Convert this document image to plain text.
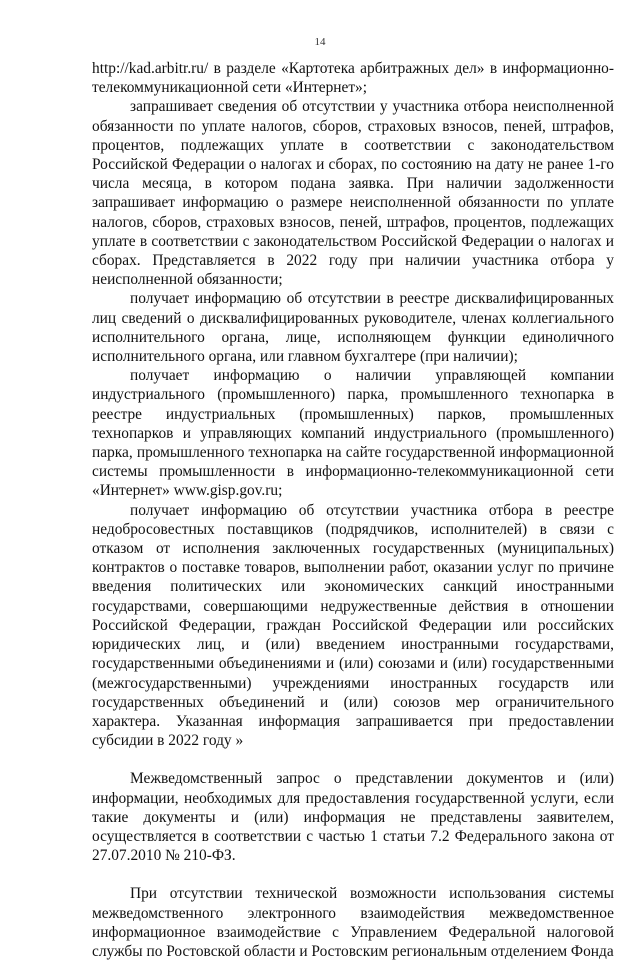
14

http://kad.arbitr.ru/ в разделе «Картотека арбитражных дел» в информационно-телекоммуникационной сети «Интернет»;

запрашивает сведения об отсутствии у участника отбора неисполненной обязанности по уплате налогов, сборов, страховых взносов, пеней, штрафов, процентов, подлежащих уплате в соответствии с законодательством Российской Федерации о налогах и сборах, по состоянию на дату не ранее 1-го числа месяца, в котором подана заявка. При наличии задолженности запрашивает информацию о размере неисполненной обязанности по уплате налогов, сборов, страховых взносов, пеней, штрафов, процентов, подлежащих уплате в соответствии с законодательством Российской Федерации о налогах и сборах. Представляется в 2022 году при наличии участника отбора у неисполненной обязанности;

получает информацию об отсутствии в реестре дисквалифицированных лиц сведений о дисквалифицированных руководителе, членах коллегиального исполнительного органа, лице, исполняющем функции единоличного исполнительного органа, или главном бухгалтере (при наличии);

получает информацию о наличии управляющей компании индустриального (промышленного) парка, промышленного технопарка в реестре индустриальных (промышленных) парков, промышленных технопарков и управляющих компаний индустриального (промышленного) парка, промышленного технопарка на сайте государственной информационной системы промышленности в информационно-телекоммуникационной сети «Интернет» www.gisp.gov.ru;

получает информацию об отсутствии участника отбора в реестре недобросовестных поставщиков (подрядчиков, исполнителей) в связи с отказом от исполнения заключенных государственных (муниципальных) контрактов о поставке товаров, выполнении работ, оказании услуг по причине введения политических или экономических санкций иностранными государствами, совершающими недружественные действия в отношении Российской Федерации, граждан Российской Федерации или российских юридических лиц, и (или) введением иностранными государствами, государственными объединениями и (или) союзами и (или) государственными (межгосударственными) учреждениями иностранных государств или государственных объединений и (или) союзов мер ограничительного характера. Указанная информация запрашивается при предоставлении субсидии в 2022 году »

Межведомственный запрос о представлении документов и (или) информации, необходимых для предоставления государственной услуги, если такие документы и (или) информация не представлены заявителем, осуществляется в соответствии с частью 1 статьи 7.2 Федерального закона от 27.07.2010 № 210-ФЗ.

При отсутствии технической возможности использования системы межведомственного электронного взаимодействия межведомственное информационное взаимодействие с Управлением Федеральной налоговой службы по Ростовской области и Ростовским региональным отделением Фонда
